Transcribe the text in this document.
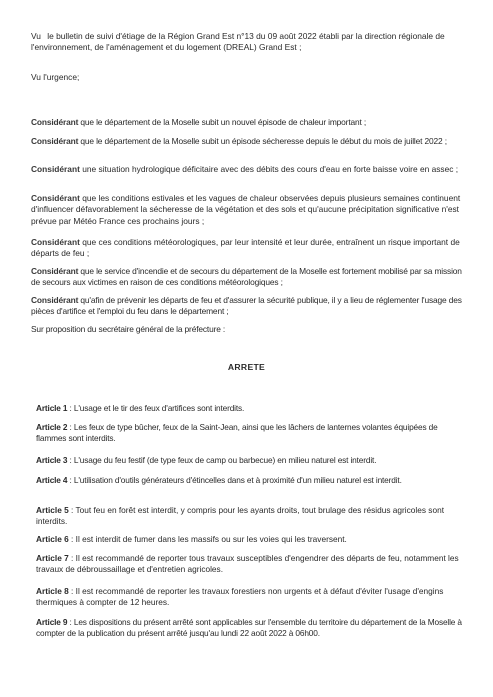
Vu le bulletin de suivi d'étiage de la Région Grand Est n°13 du 09 août 2022 établi par la direction régionale de l'environnement, de l'aménagement et du logement (DREAL) Grand Est ;

Vu l'urgence;

Considérant que le département de la Moselle subit un nouvel épisode de chaleur important ;

Considérant que le département de la Moselle subit un épisode sécheresse depuis le début du mois de juillet 2022 ;

Considérant une situation hydrologique déficitaire avec des débits des cours d'eau en forte baisse voire en assec ;

Considérant que les conditions estivales et les vagues de chaleur observées depuis plusieurs semaines continuent d'influencer défavorablement la sécheresse de la végétation et des sols et qu'aucune précipitation significative n'est prévue par Météo France ces prochains jours ;

Considérant que ces conditions météorologiques, par leur intensité et leur durée, entraînent un risque important de départs de feu ;

Considérant que le service d'incendie et de secours du département de la Moselle est fortement mobilisé par sa mission de secours aux victimes en raison de ces conditions météorologiques ;

Considérant qu'afin de prévenir les départs de feu et d'assurer la sécurité publique, il y a lieu de réglementer l'usage des pièces d'artifice et l'emploi du feu dans le département ;

Sur proposition du secrétaire général de la préfecture :

ARRETE

Article 1 : L'usage et le tir des feux d'artifices sont interdits.

Article 2 : Les feux de type bûcher, feux de la Saint-Jean, ainsi que les lâchers de lanternes volantes équipées de flammes sont interdits.

Article 3 : L'usage du feu festif (de type feux de camp ou barbecue) en milieu naturel est interdit.

Article 4 : L'utilisation d'outils générateurs d'étincelles dans et à proximité d'un milieu naturel est interdit.

Article 5 : Tout feu en forêt est interdit, y compris pour les ayants droits, tout brulage des résidus agricoles sont interdits.

Article 6 : Il est interdit de fumer dans les massifs ou sur les voies qui les traversent.

Article 7 : Il est recommandé de reporter tous travaux susceptibles d'engendrer des départs de feu, notamment les travaux de débroussaillage et d'entretien agricoles.

Article 8 : Il est recommandé de reporter les travaux forestiers non urgents et à défaut d'éviter l'usage d'engins thermiques à compter de 12 heures.

Article 9 : Les dispositions du présent arrêté sont applicables sur l'ensemble du territoire du département de la Moselle à compter de la publication du présent arrêté jusqu'au lundi 22 août 2022 à 06h00.
